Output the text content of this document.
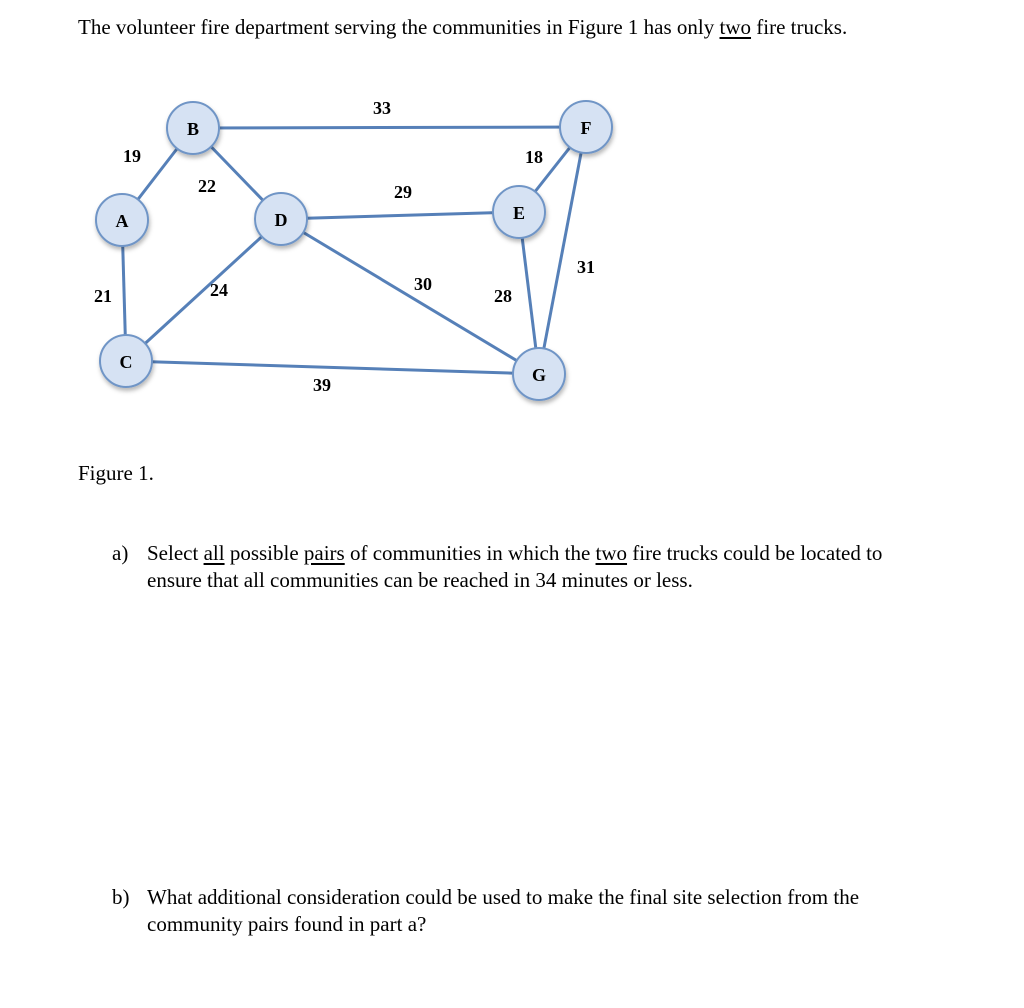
The volunteer fire department serving the communities in Figure 1 has only two fire trucks.

19
21
22
33
29
24	30
18
28
31
39
A
B
C
D	E
F
G

Figure 1.

a) Select all possible pairs of communities in which the two fire trucks could be located to ensure that all communities can be reached in 34 minutes or less.
b) What additional consideration could be used to make the final site selection from the community pairs found in part a?
